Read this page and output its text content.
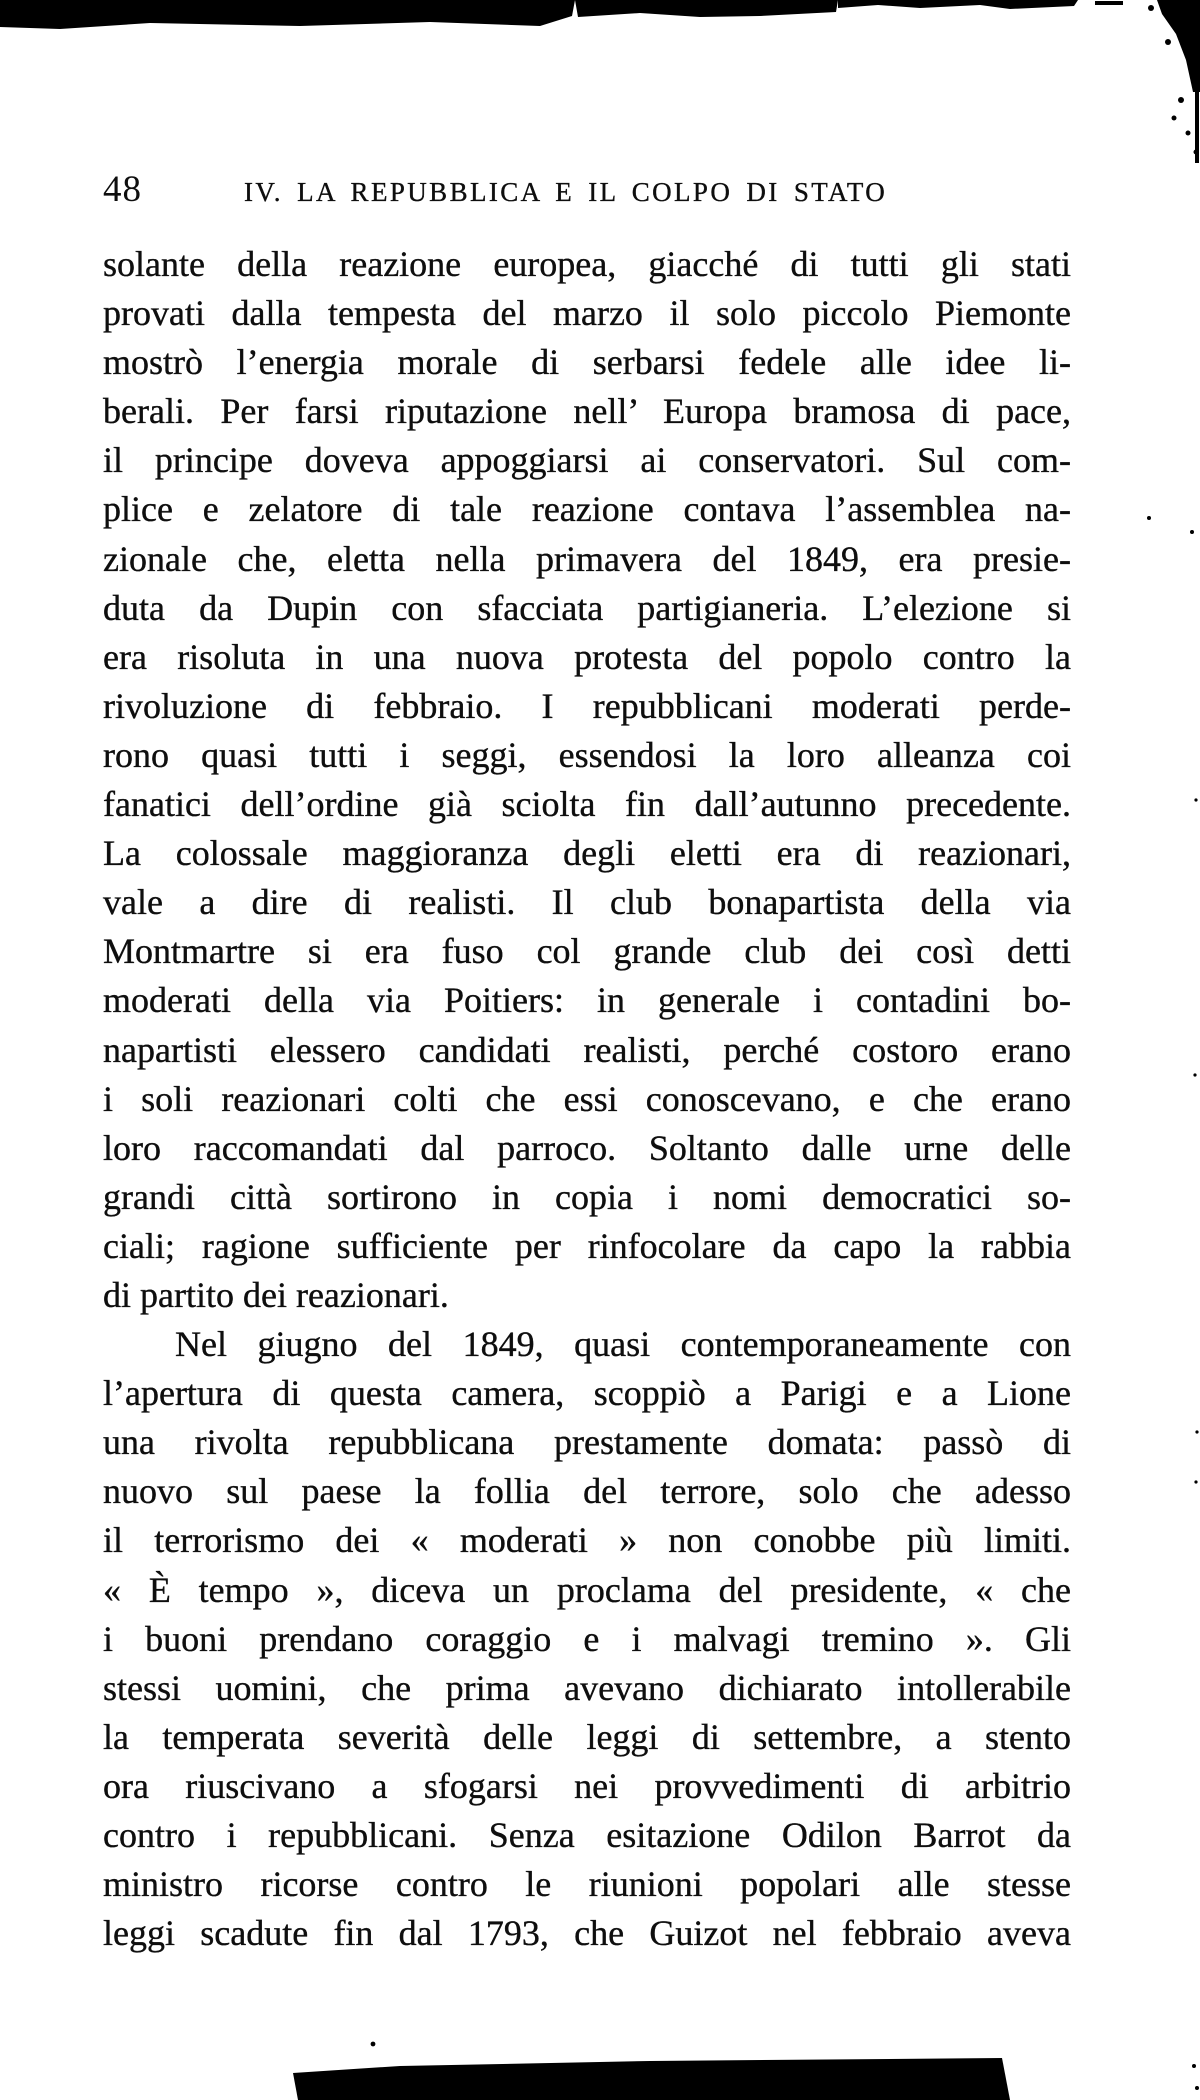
48	IV. LA REPUBBLICA E IL COLPO DI STATO
solante della reazione europea, giacché di tutti gli stati
provati dalla tempesta del marzo il solo piccolo Piemonte
mostrò l’energia morale di serbarsi fedele alle idee li-
berali. Per farsi riputazione nell’ Europa bramosa di pace,
il principe doveva appoggiarsi ai conservatori. Sul com-
plice e zelatore di tale reazione contava l’assemblea na-
zionale che, eletta nella primavera del 1849, era presie-
duta da Dupin con sfacciata partigianeria. L’elezione si
era risoluta in una nuova protesta del popolo contro la
rivoluzione di febbraio. I repubblicani moderati perde-
rono quasi tutti i seggi, essendosi la loro alleanza coi
fanatici dell’ordine già sciolta fin dall’autunno precedente.
La colossale maggioranza degli eletti era di reazionari,
vale a dire di realisti. Il club bonapartista della via
Montmartre si era fuso col grande club dei così detti
moderati della via Poitiers: in generale i contadini bo-
napartisti elessero candidati realisti, perché costoro erano
i soli reazionari colti che essi conoscevano, e che erano
loro raccomandati dal parroco. Soltanto dalle urne delle
grandi città sortirono in copia i nomi democratici so-
ciali; ragione sufficiente per rinfocolare da capo la rabbia
di partito dei reazionari.
Nel giugno del 1849, quasi contemporaneamente con
l’apertura di questa camera, scoppiò a Parigi e a Lione
una rivolta repubblicana prestamente domata: passò di
nuovo sul paese la follia del terrore, solo che adesso
il terrorismo dei « moderati » non conobbe più limiti.
« È tempo », diceva un proclama del presidente, « che
i buoni prendano coraggio e i malvagi tremino ». Gli
stessi uomini, che prima avevano dichiarato intollerabile
la temperata severità delle leggi di settembre, a stento
ora riuscivano a sfogarsi nei provvedimenti di arbitrio
contro i repubblicani. Senza esitazione Odilon Barrot da
ministro ricorse contro le riunioni popolari alle stesse
leggi scadute fin dal 1793, che Guizot nel febbraio aveva
